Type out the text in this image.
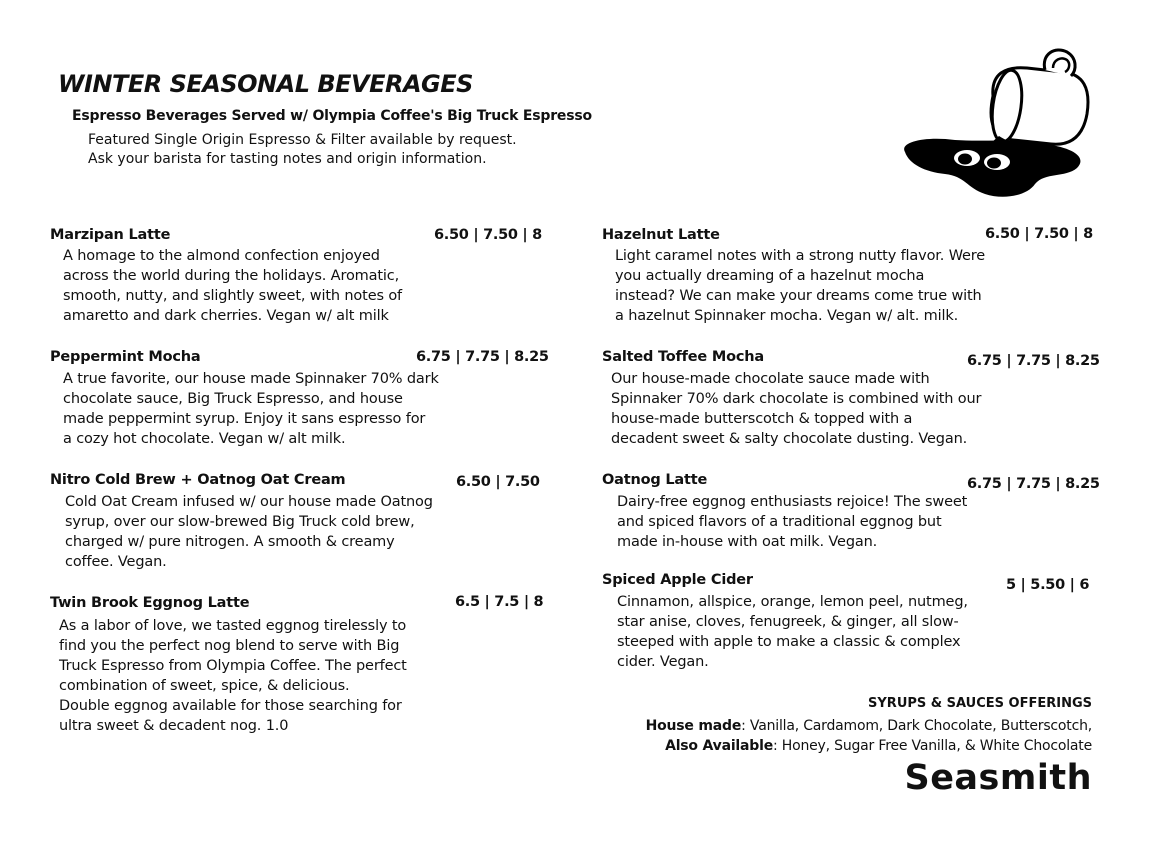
WINTER SEASONAL BEVERAGES
Espresso Beverages Served w/ Olympia Coffee's Big Truck Espresso
Featured Single Origin Espresso & Filter available by request.
Ask your barista for tasting notes and origin information.
Marzipan Latte	6.50 | 7.50 | 8
A homage to the almond confection enjoyed
across the world during the holidays. Aromatic,
smooth, nutty, and slightly sweet, with notes of
amaretto and dark cherries. Vegan w/ alt milk
Peppermint Mocha	6.75 | 7.75 | 8.25
A true favorite, our house made Spinnaker 70% dark
chocolate sauce, Big Truck Espresso, and house
made peppermint syrup. Enjoy it sans espresso for
a cozy hot chocolate. Vegan w/ alt milk.
Nitro Cold Brew + Oatnog Oat Cream	6.50 | 7.50
Cold Oat Cream infused w/ our house made Oatnog
syrup, over our slow-brewed Big Truck cold brew,
charged w/ pure nitrogen. A smooth & creamy
coffee. Vegan.
Twin Brook Eggnog Latte	6.5 | 7.5 | 8
As a labor of love, we tasted eggnog tirelessly to
find you the perfect nog blend to serve with Big
Truck Espresso from Olympia Coffee. The perfect
combination of sweet, spice, & delicious.
Double eggnog available for those searching for
ultra sweet & decadent nog. 1.0
Hazelnut Latte	6.50 | 7.50 | 8
Light caramel notes with a strong nutty flavor. Were
you actually dreaming of a hazelnut mocha
instead? We can make your dreams come true with
a hazelnut Spinnaker mocha. Vegan w/ alt. milk.
Salted Toffee Mocha	6.75 | 7.75 | 8.25
Our house-made chocolate sauce made with
Spinnaker 70% dark chocolate is combined with our
house-made butterscotch & topped with a
decadent sweet & salty chocolate dusting. Vegan.
Oatnog Latte	6.75 | 7.75 | 8.25
Dairy-free eggnog enthusiasts rejoice! The sweet
and spiced flavors of a traditional eggnog but
made in-house with oat milk. Vegan.
Spiced Apple Cider	5 | 5.50 | 6
Cinnamon, allspice, orange, lemon peel, nutmeg,
star anise, cloves, fenugreek, & ginger, all slow-
steeped with apple to make a classic & complex
cider. Vegan.
SYRUPS & SAUCES OFFERINGS
House made: Vanilla, Cardamom, Dark Chocolate, Butterscotch,
Also Available: Honey, Sugar Free Vanilla, & White Chocolate
Seasmith
